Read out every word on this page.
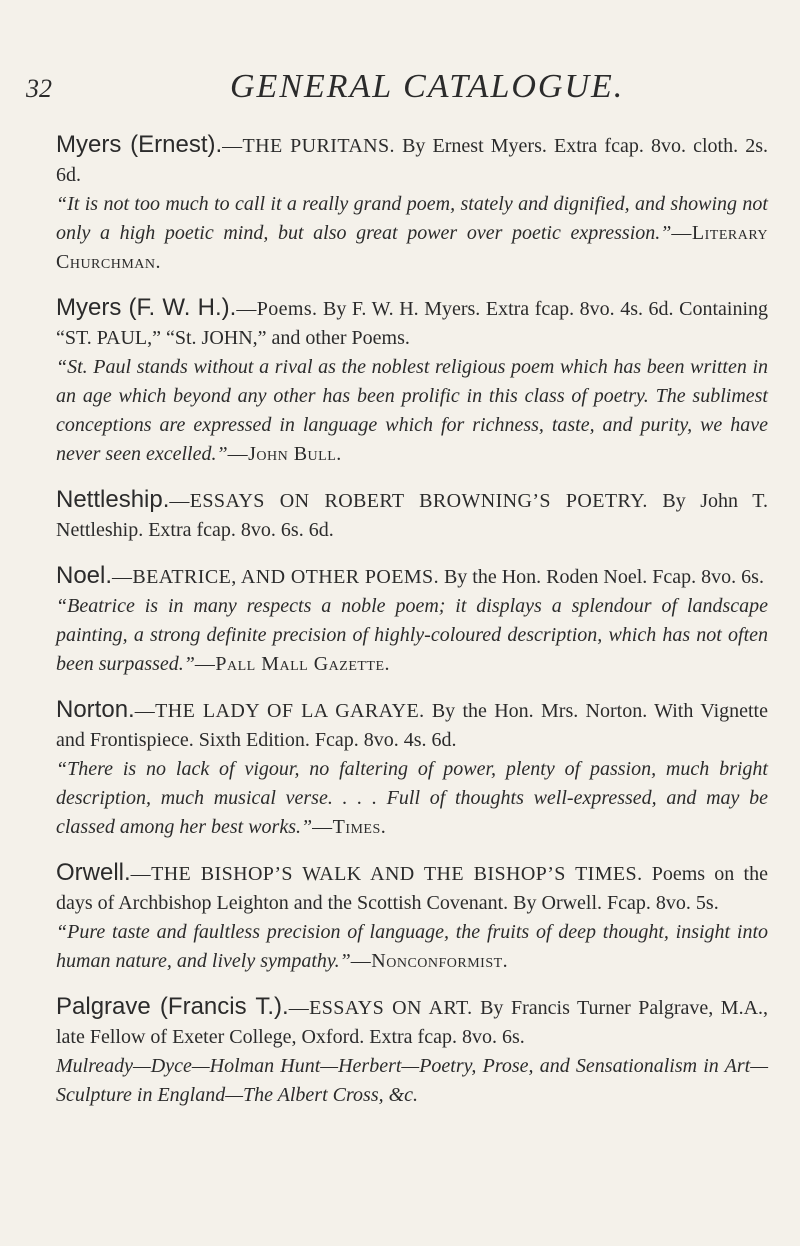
32	GENERAL CATALOGUE.

Myers (Ernest).—THE PURITANS. By Ernest Myers. Extra fcap. 8vo. cloth. 2s. 6d.

“It is not too much to call it a really grand poem, stately and dignified, and showing not only a high poetic mind, but also great power over poetic expression.”—Literary Churchman.

Myers (F. W. H.).—Poems. By F. W. H. Myers. Extra fcap. 8vo. 4s. 6d. Containing “ST. PAUL,” “St. JOHN,” and other Poems.

“St. Paul stands without a rival as the noblest religious poem which has been written in an age which beyond any other has been prolific in this class of poetry. The sublimest conceptions are expressed in language which for richness, taste, and purity, we have never seen excelled.”—John Bull.

Nettleship.—ESSAYS ON ROBERT BROWNING’S POETRY. By John T. Nettleship. Extra fcap. 8vo. 6s. 6d.

Noel.—BEATRICE, AND OTHER POEMS. By the Hon. Roden Noel. Fcap. 8vo. 6s.

“Beatrice is in many respects a noble poem; it displays a splendour of landscape painting, a strong definite precision of highly-coloured description, which has not often been surpassed.”—Pall Mall Gazette.

Norton.—THE LADY OF LA GARAYE. By the Hon. Mrs. Norton. With Vignette and Frontispiece. Sixth Edition. Fcap. 8vo. 4s. 6d.

“There is no lack of vigour, no faltering of power, plenty of passion, much bright description, much musical verse. . . . Full of thoughts well-expressed, and may be classed among her best works.”—Times.

Orwell.—THE BISHOP’S WALK AND THE BISHOP’S TIMES. Poems on the days of Archbishop Leighton and the Scottish Covenant. By Orwell. Fcap. 8vo. 5s.

“Pure taste and faultless precision of language, the fruits of deep thought, insight into human nature, and lively sympathy.”—Nonconformist.

Palgrave (Francis T.).—ESSAYS ON ART. By Francis Turner Palgrave, M.A., late Fellow of Exeter College, Oxford. Extra fcap. 8vo. 6s.

Mulready—Dyce—Holman Hunt—Herbert—Poetry, Prose, and Sensationalism in Art—Sculpture in England—The Albert Cross, &c.
